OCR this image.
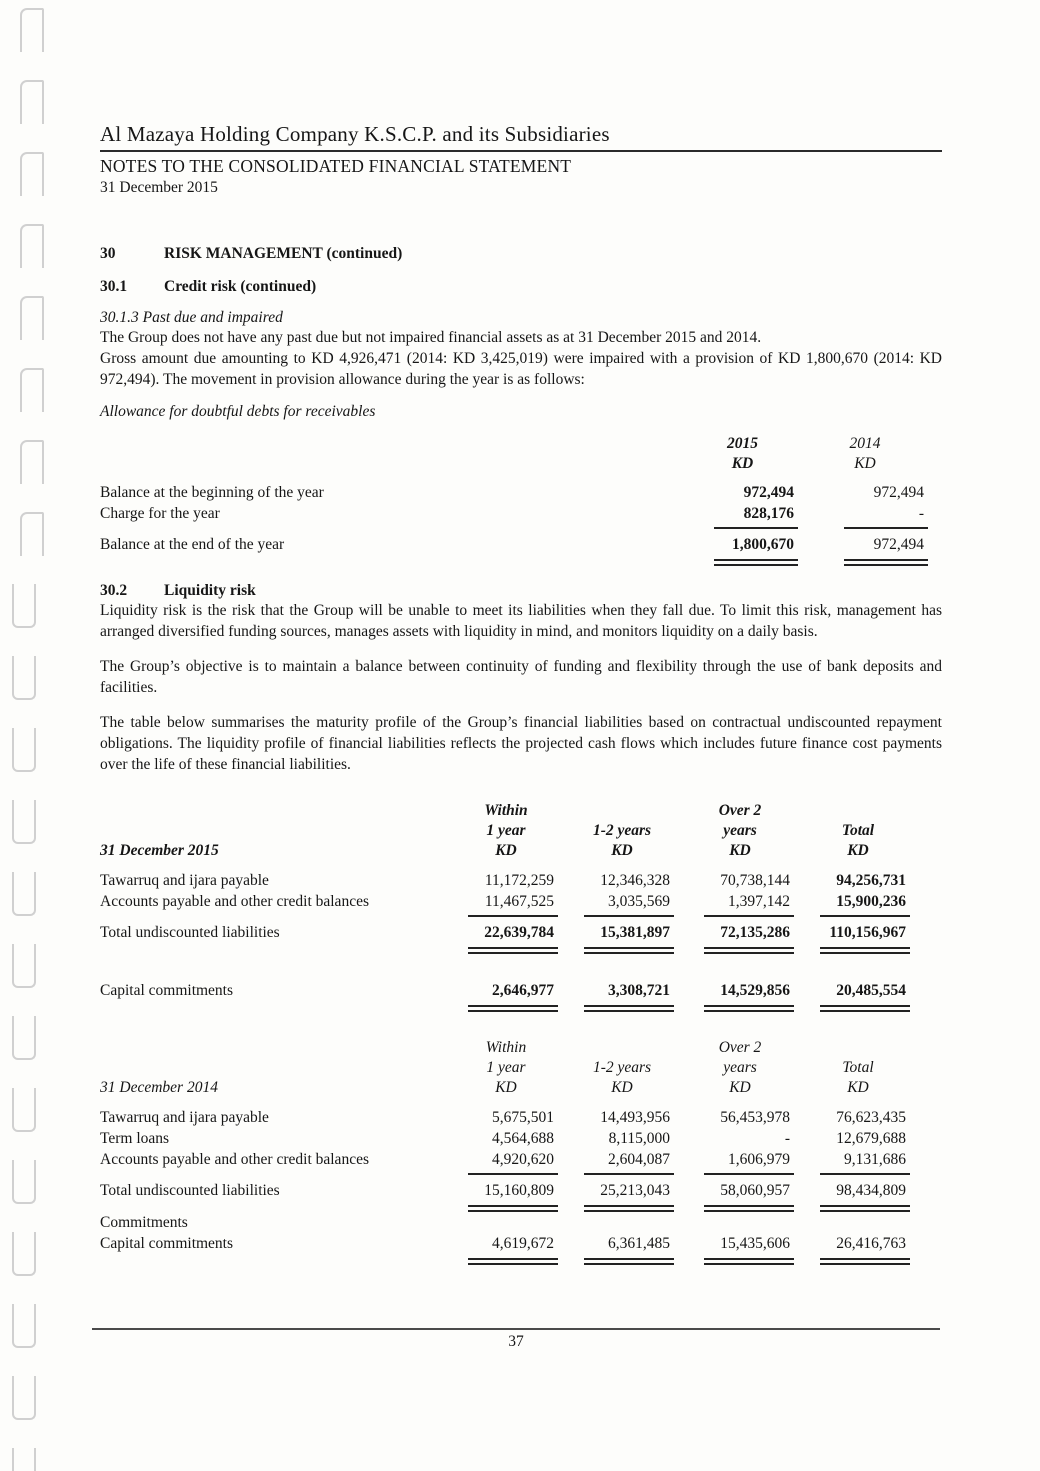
Al Mazaya Holding Company K.S.C.P. and its Subsidiaries
NOTES TO THE CONSOLIDATED FINANCIAL STATEMENT
31 December 2015
30	RISK MANAGEMENT (continued)
30.1	Credit risk (continued)
30.1.3 Past due and impaired
The Group does not have any past due but not impaired financial assets as at 31 December 2015 and 2014.

Gross amount due amounting to KD 4,926,471 (2014: KD 3,425,019) were impaired with a provision of KD 1,800,670 (2014: KD 972,494). The movement in provision allowance during the year is as follows:

Allowance for doubtful debts for receivables

2015
KD

2014
KD

Balance at the beginning of the year	972,494	972,494
Charge for the year	828,176	-

Balance at the end of the year	1,800,670	972,494

30.2	Liquidity risk

Liquidity risk is the risk that the Group will be unable to meet its liabilities when they fall due. To limit this risk, management has arranged diversified funding sources, manages assets with liquidity in mind, and monitors liquidity on a daily basis.

The Group’s objective is to maintain a balance between continuity of funding and flexibility through the use of bank deposits and facilities.

The table below summarises the maturity profile of the Group’s financial liabilities based on contractual undiscounted repayment obligations. The liquidity profile of financial liabilities reflects the projected cash flows which includes future finance cost payments over the life of these financial liabilities.

31 December 2015	
Within
1 year
KD

1-2 years
KD

Over 2
years
KD

Total
KD

Tawarruq and ijara payable	11,172,259	12,346,328	70,738,144	94,256,731
Accounts payable and other credit balances	11,467,525	3,035,569	1,397,142	15,900,236

Total undiscounted liabilities	22,639,784	15,381,897	72,135,286	110,156,967

Capital commitments	2,646,977	3,308,721	14,529,856	20,485,554

31 December 2014	
Within
1 year
KD

1-2 years
KD

Over 2
years
KD

Total
KD

Tawarruq and ijara payable	5,675,501	14,493,956	56,453,978	76,623,435
Term loans	4,564,688	8,115,000	-	12,679,688
Accounts payable and other credit balances	4,920,620	2,604,087	1,606,979	9,131,686

Total undiscounted liabilities	15,160,809	25,213,043	58,060,957	98,434,809

Commitments				
Capital commitments	4,619,672	6,361,485	15,435,606	26,416,763

37
